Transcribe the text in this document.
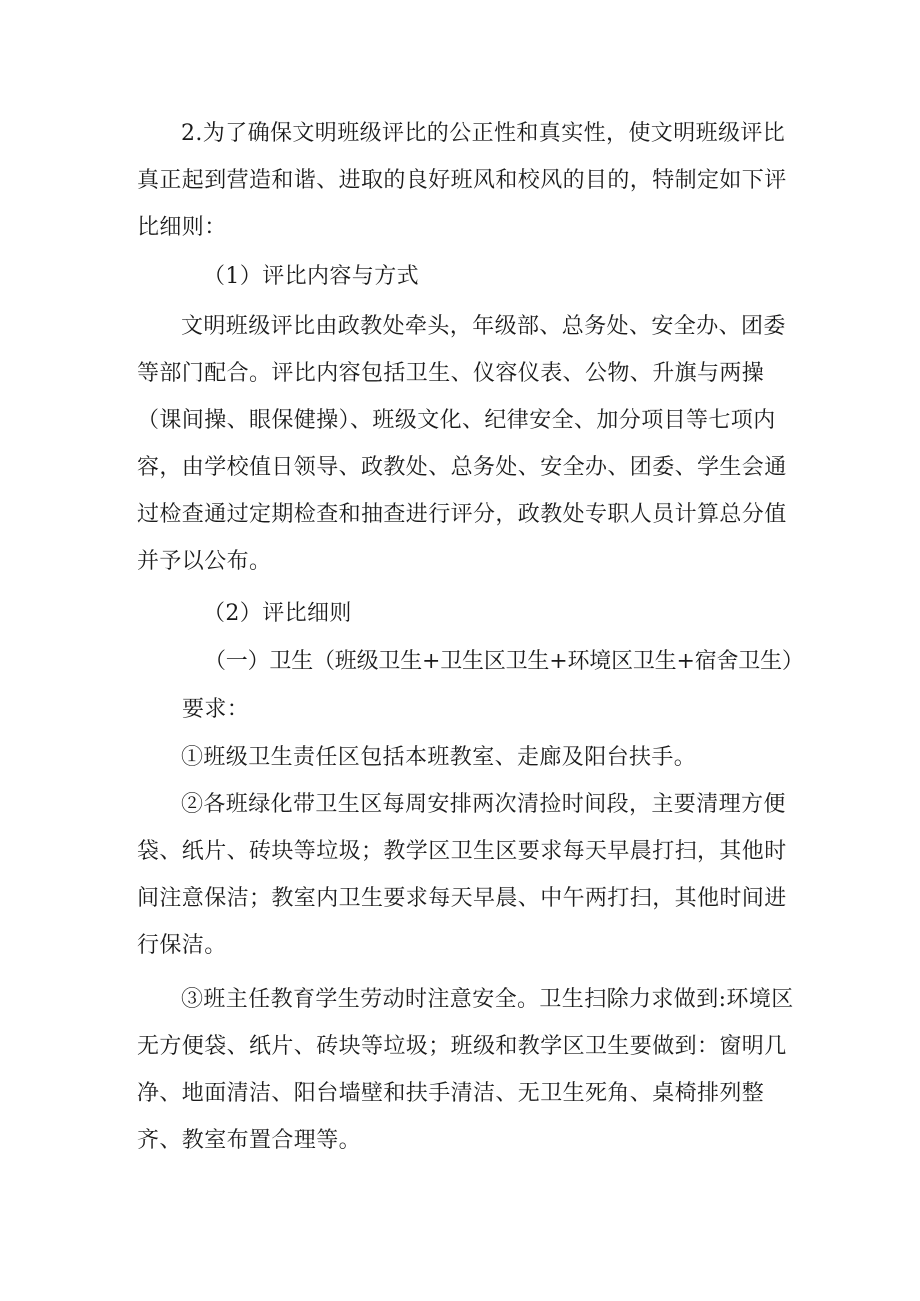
2.为了确保文明班级评比的公正性和真实性，使文明班级评比真正起到营造和谐、进取的良好班风和校风的目的，特制定如下评比细则：

（1）评比内容与方式

文明班级评比由政教处牵头，年级部、总务处、安全办、团委等部门配合。评比内容包括卫生、仪容仪表、公物、升旗与两操（课间操、眼保健操）、班级文化、纪律安全、加分项目等七项内容，由学校值日领导、政教处、总务处、安全办、团委、学生会通过检查通过定期检查和抽查进行评分，政教处专职人员计算总分值并予以公布。

（2）评比细则

（一）卫生（班级卫生+卫生区卫生+环境区卫生+宿舍卫生）

要求：

①班级卫生责任区包括本班教室、走廊及阳台扶手。

②各班绿化带卫生区每周安排两次清捡时间段，主要清理方便袋、纸片、砖块等垃圾；教学区卫生区要求每天早晨打扫，其他时间注意保洁；教室内卫生要求每天早晨、中午两打扫，其他时间进行保洁。

③班主任教育学生劳动时注意安全。卫生扫除力求做到:环境区无方便袋、纸片、砖块等垃圾；班级和教学区卫生要做到：窗明几净、地面清洁、阳台墙壁和扶手清洁、无卫生死角、桌椅排列整齐、教室布置合理等。
